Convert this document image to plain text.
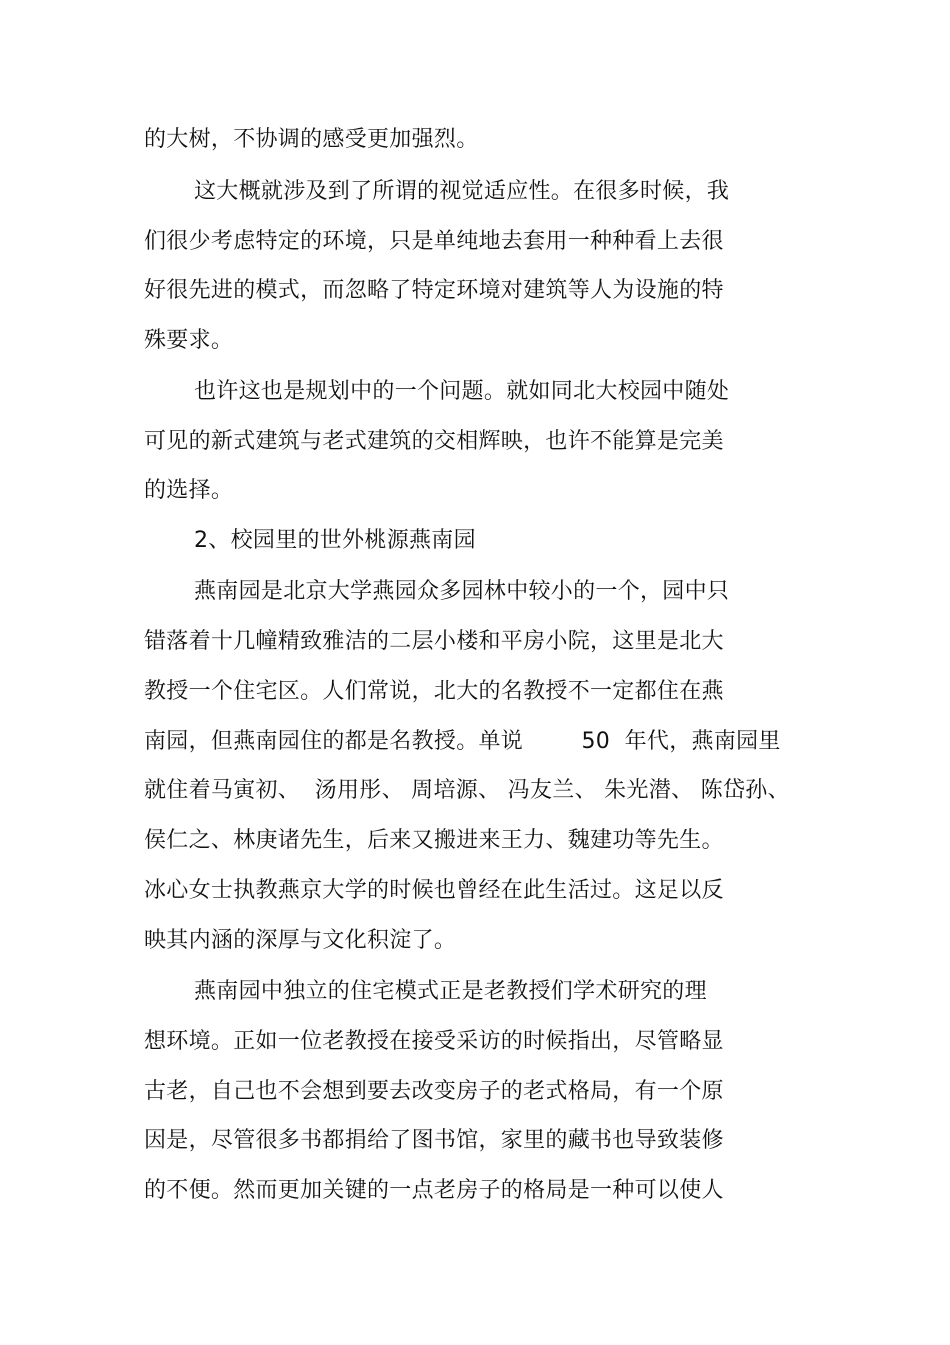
的大树，不协调的感受更加强烈。
这大概就涉及到了所谓的视觉适应性。在很多时候，我
们很少考虑特定的环境，只是单纯地去套用一种种看上去很
好很先进的模式，而忽略了特定环境对建筑等人为设施的特
殊要求。
也许这也是规划中的一个问题。就如同北大校园中随处
可见的新式建筑与老式建筑的交相辉映，也许不能算是完美
的选择。
2、校园里的世外桃源燕南园
燕南园是北京大学燕园众多园林中较小的一个，园中只
错落着十几幢精致雅洁的二层小楼和平房小院，这里是北大
教授一个住宅区。人们常说，北大的名教授不一定都住在燕
南园，但燕南园住的都是名教授。单说        50  年代，燕南园里
就住着马寅初、  汤用彤、 周培源、 冯友兰、 朱光潜、 陈岱孙、
侯仁之、林庚诸先生，后来又搬进来王力、魏建功等先生。
冰心女士执教燕京大学的时候也曾经在此生活过。这足以反
映其内涵的深厚与文化积淀了。
燕南园中独立的住宅模式正是老教授们学术研究的理
想环境。正如一位老教授在接受采访的时候指出，尽管略显
古老，自己也不会想到要去改变房子的老式格局，有一个原
因是，尽管很多书都捐给了图书馆，家里的藏书也导致装修
的不便。然而更加关键的一点老房子的格局是一种可以使人
